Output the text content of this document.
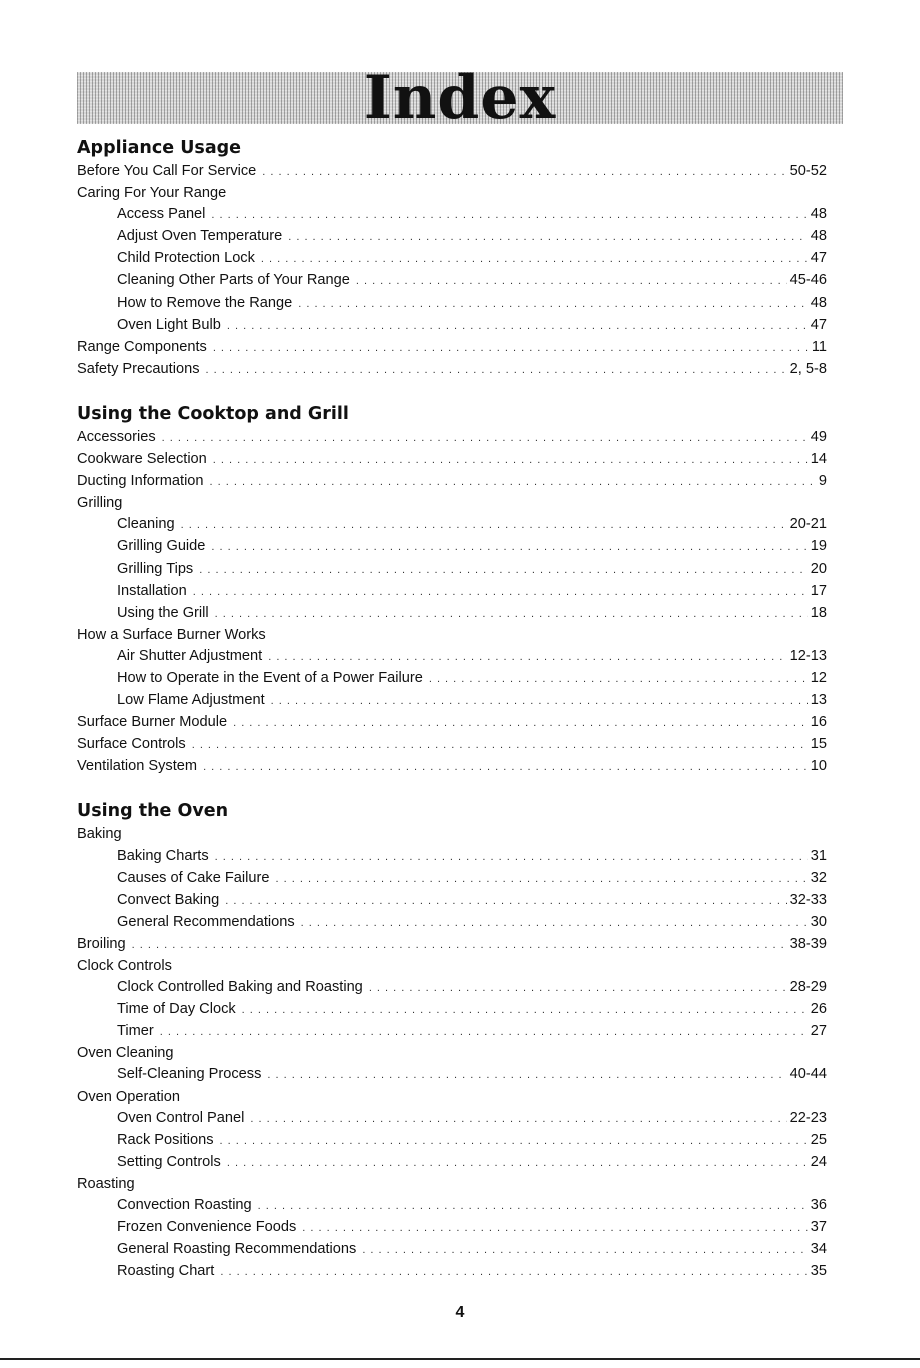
Index
Appliance Usage
Before You Call For Service . . .	50-52
Caring For Your Range
Access Panel . . .	48
Adjust Oven Temperature . . .	48
Child Protection Lock . . .	47
Cleaning Other Parts of Your Range . . .	45-46
How to Remove the Range . . .	48
Oven Light Bulb . . .	47
Range Components . . .	11
Safety Precautions . . .	2, 5-8
Using the Cooktop and Grill
Accessories . . .	49
Cookware Selection . . .	14
Ducting Information . . .	9
Grilling
Cleaning . . .	20-21
Grilling Guide . . .	19
Grilling Tips . . .	20
Installation . . .	17
Using the Grill . . .	18
How a Surface Burner Works
Air Shutter Adjustment . . .	12-13
How to Operate in the Event of a Power Failure . . .	12
Low Flame Adjustment . . .	13
Surface Burner Module . . .	16
Surface Controls . . .	15
Ventilation System . . .	10
Using the Oven
Baking
Baking Charts . . .	31
Causes of Cake Failure . . .	32
Convect Baking . . .	32-33
General Recommendations . . .	30
Broiling . . .	38-39
Clock Controls
Clock Controlled Baking and Roasting . . .	28-29
Time of Day Clock . . .	26
Timer . . .	27
Oven Cleaning
Self-Cleaning Process . . .	40-44
Oven Operation
Oven Control Panel . . .	22-23
Rack Positions . . .	25
Setting Controls . . .	24
Roasting
Convection Roasting . . .	36
Frozen Convenience Foods . . .	37
General Roasting Recommendations . . .	34
Roasting Chart . . .	35
4
